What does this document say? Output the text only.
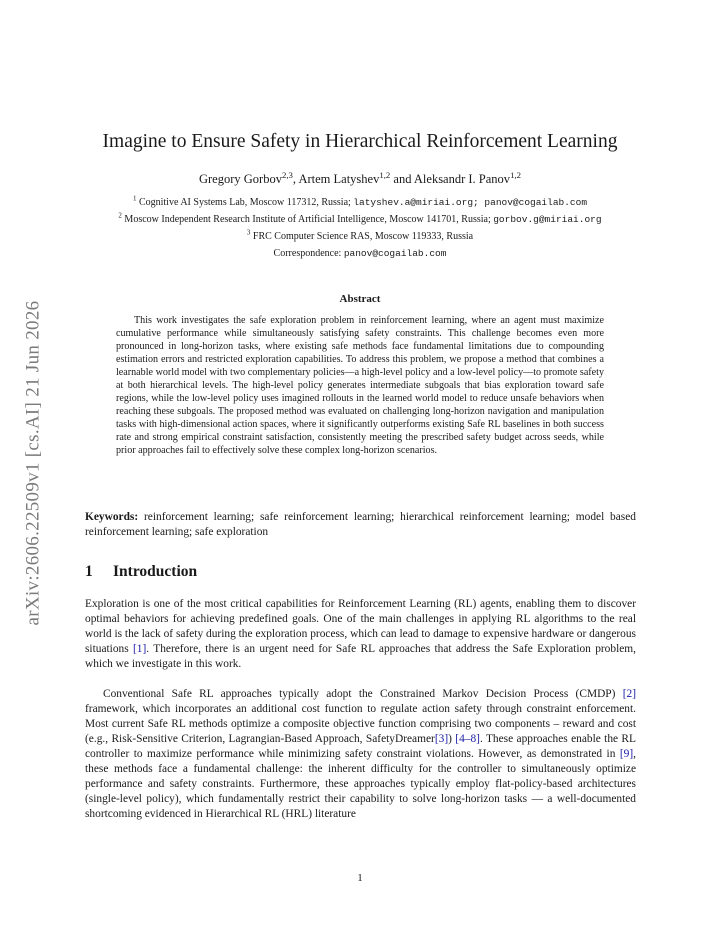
arXiv:2606.22509v1 [cs.AI] 21 Jun 2026
Imagine to Ensure Safety in Hierarchical Reinforcement Learning
Gregory Gorbov$^{2,3}$, Artem Latyshev$^{1,2}$ and Aleksandr I. Panov$^{1,2}$
$^1$ Cognitive AI Systems Lab, Moscow 117312, Russia; latyshev.a@miriai.org; panov@cogailab.com
$^2$ Moscow Independent Research Institute of Artificial Intelligence, Moscow 141701, Russia; gorbov.g@miriai.org
$^3$ FRC Computer Science RAS, Moscow 119333, Russia
Correspondence: panov@cogailab.com
Abstract
This work investigates the safe exploration problem in reinforcement learning, where an agent must maximize cumulative performance while simultaneously satisfying safety constraints. This challenge becomes even more pronounced in long-horizon tasks, where existing safe methods face fundamental limitations due to compounding estimation errors and restricted exploration capabilities. To address this problem, we propose a method that combines a learnable world model with two complementary policies—a high-level policy and a low-level policy—to promote safety at both hierarchical levels. The high-level policy generates intermediate subgoals that bias exploration toward safe regions, while the low-level policy uses imagined rollouts in the learned world model to reduce unsafe behaviors when reaching these subgoals. The proposed method was evaluated on challenging long-horizon navigation and manipulation tasks with high-dimensional action spaces, where it significantly outperforms existing Safe RL baselines in both success rate and strong empirical constraint satisfaction, consistently meeting the prescribed safety budget across seeds, while prior approaches fail to effectively solve these complex long-horizon scenarios.
Keywords: reinforcement learning; safe reinforcement learning; hierarchical reinforcement learning; model based reinforcement learning; safe exploration
1 Introduction
Exploration is one of the most critical capabilities for Reinforcement Learning (RL) agents, enabling them to discover optimal behaviors for achieving predefined goals. One of the main challenges in applying RL algorithms to the real world is the lack of safety during the exploration process, which can lead to damage to expensive hardware or dangerous situations [1]. Therefore, there is an urgent need for Safe RL approaches that address the Safe Exploration problem, which we investigate in this work.
Conventional Safe RL approaches typically adopt the Constrained Markov Decision Process (CMDP) [2] framework, which incorporates an additional cost function to regulate action safety through constraint enforcement. Most current Safe RL methods optimize a composite objective function comprising two components – reward and cost (e.g., Risk-Sensitive Criterion, Lagrangian-Based Approach, SafetyDreamer[3]) [4–8]. These approaches enable the RL controller to maximize performance while minimizing safety constraint violations. However, as demonstrated in [9], these methods face a fundamental challenge: the inherent difficulty for the controller to simultaneously optimize performance and safety constraints. Furthermore, these approaches typically employ flat-policy-based architectures (single-level policy), which fundamentally restrict their capability to solve long-horizon tasks — a well-documented shortcoming evidenced in Hierarchical RL (HRL) literature
1
